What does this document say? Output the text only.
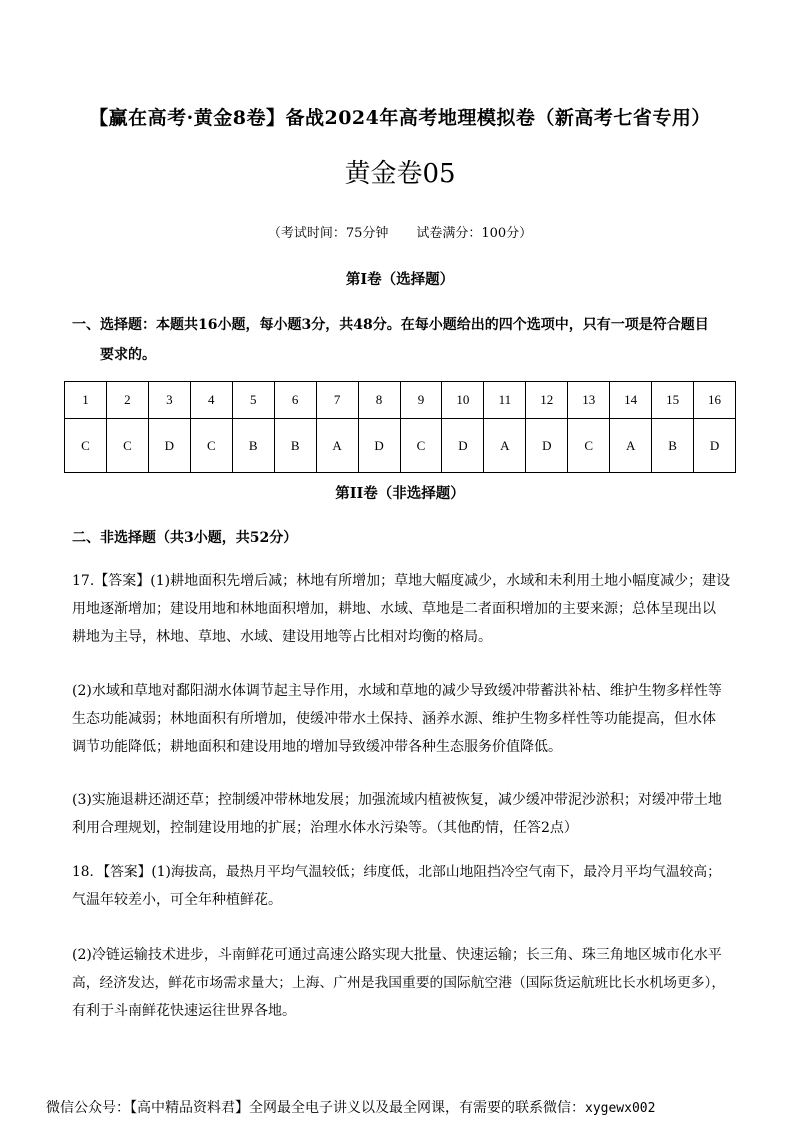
【赢在高考·黄金8卷】备战2024年高考地理模拟卷（新高考七省专用）
黄金卷05
（考试时间：75分钟 试卷满分：100分）
第I卷（选择题）
一、选择题：本题共16小题，每小题3分，共48分。在每小题给出的四个选项中，只有一项是符合题目
要求的。
1	2	3	4	5	6	7	8	9	10	11	12	13	14	15	16
C	C	D	C	B	B	A	D	C	D	A	D	C	A	B	D
第II卷（非选择题）
二、非选择题（共3小题，共52分）
17.【答案】(1)耕地面积先增后减；林地有所增加；草地大幅度减少，水域和未利用土地小幅度减少；建设
用地逐渐增加；建设用地和林地面积增加，耕地、水域、草地是二者面积增加的主要来源；总体呈现出以
耕地为主导，林地、草地、水域、建设用地等占比相对均衡的格局。
(2)水域和草地对鄱阳湖水体调节起主导作用，水域和草地的减少导致缓冲带蓄洪补枯、维护生物多样性等
生态功能减弱；林地面积有所增加，使缓冲带水土保持、涵养水源、维护生物多样性等功能提高，但水体
调节功能降低；耕地面积和建设用地的增加导致缓冲带各种生态服务价值降低。
(3)实施退耕还湖还草；控制缓冲带林地发展；加强流域内植被恢复，减少缓冲带泥沙淤积；对缓冲带土地
利用合理规划，控制建设用地的扩展；治理水体水污染等。（其他酌情，任答2点）
18．【答案】(1)海拔高，最热月平均气温较低；纬度低，北部山地阻挡冷空气南下，最冷月平均气温较高；
气温年较差小，可全年种植鲜花。
(2)冷链运输技术进步，斗南鲜花可通过高速公路实现大批量、快速运输；长三角、珠三角地区城市化水平
高，经济发达，鲜花市场需求量大；上海、广州是我国重要的国际航空港（国际货运航班比长水机场更多），
有利于斗南鲜花快速运往世界各地。
微信公众号：【高中精品资料君】全网最全电子讲义以及最全网课，有需要的联系微信：xygewx002
